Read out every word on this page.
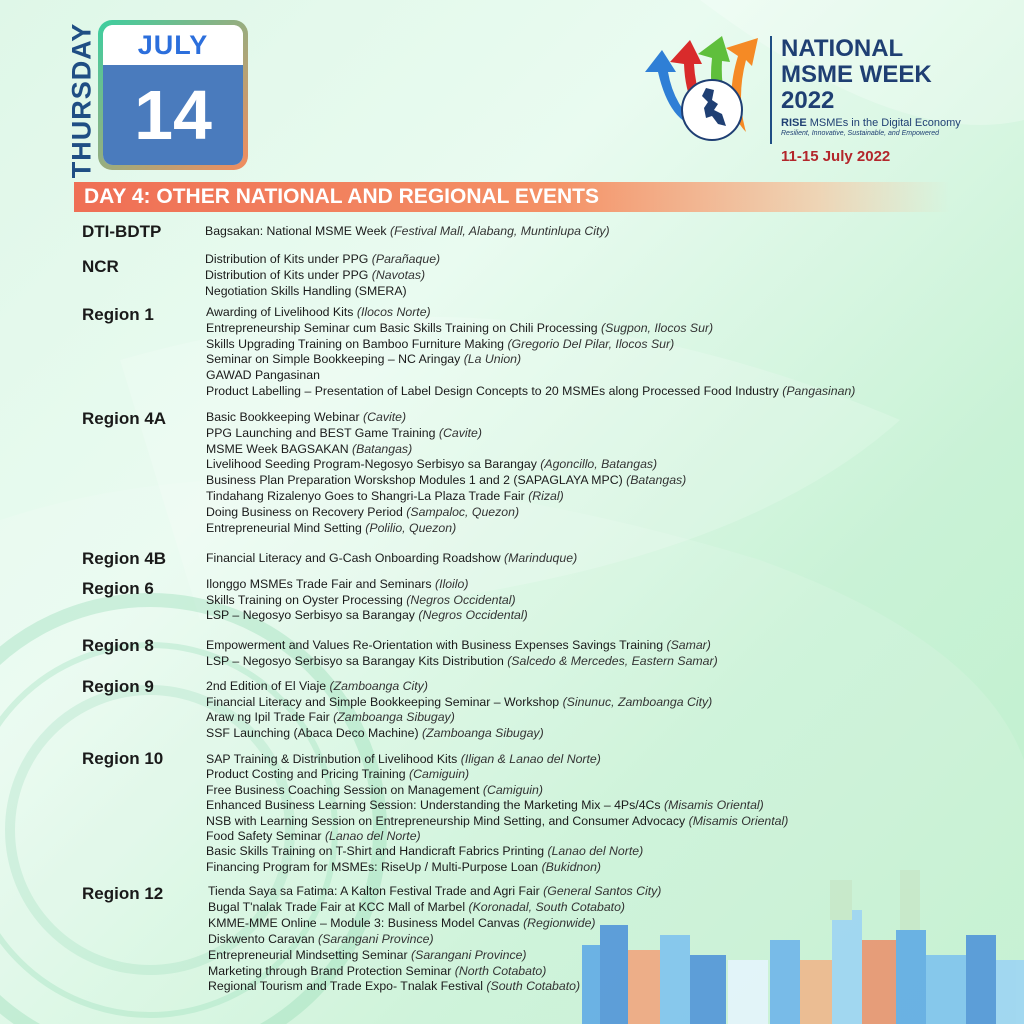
THURSDAY	JULY
14
NATIONAL
MSME WEEK
2022
RISE MSMEs in the Digital Economy
Resilient, Innovative, Sustainable, and Empowered
11-15 July 2022
DAY 4: OTHER NATIONAL AND REGIONAL EVENTS
DTI-BDTP	Bagsakan: National MSME Week (Festival Mall, Alabang, Muntinlupa City)
NCR	Distribution of Kits under PPG (Parañaque)
Distribution of Kits under PPG (Navotas)
Negotiation Skills Handling (SMERA)
Region 1	Awarding of Livelihood Kits (Ilocos Norte)
Entrepreneurship Seminar cum Basic Skills Training on Chili Processing (Sugpon, Ilocos Sur)
Skills Upgrading Training on Bamboo Furniture Making (Gregorio Del Pilar, Ilocos Sur)
Seminar on Simple Bookkeeping – NC Aringay (La Union)
GAWAD Pangasinan
Product Labelling – Presentation of Label Design Concepts to 20 MSMEs along Processed Food Industry (Pangasinan)
Region 4A	Basic Bookkeeping Webinar (Cavite)
PPG Launching and BEST Game Training (Cavite)
MSME Week BAGSAKAN (Batangas)
Livelihood Seeding Program-Negosyo Serbisyo sa Barangay (Agoncillo, Batangas)
Business Plan Preparation Worskshop Modules 1 and 2 (SAPAGLAYA MPC) (Batangas)
Tindahang Rizalenyo Goes to Shangri-La Plaza Trade Fair (Rizal)
Doing Business on Recovery Period (Sampaloc, Quezon)
Entrepreneurial Mind Setting (Polilio, Quezon)
Region 4B	Financial Literacy and G-Cash Onboarding Roadshow (Marinduque)
Region 6	Ilonggo MSMEs Trade Fair and Seminars (Iloilo)
Skills Training on Oyster Processing (Negros Occidental)
LSP – Negosyo Serbisyo sa Barangay (Negros Occidental)
Region 8	Empowerment and Values Re-Orientation with Business Expenses Savings Training (Samar)
LSP – Negosyo Serbisyo sa Barangay Kits Distribution (Salcedo & Mercedes, Eastern Samar)
Region 9	2nd Edition of El Viaje (Zamboanga City)
Financial Literacy and Simple Bookkeeping Seminar – Workshop (Sinunuc, Zamboanga City)
Araw ng Ipil Trade Fair (Zamboanga Sibugay)
SSF Launching (Abaca Deco Machine) (Zamboanga Sibugay)
Region 10	SAP Training & Distrinbution of Livelihood Kits (Iligan & Lanao del Norte)
Product Costing and Pricing Training (Camiguin)
Free Business Coaching Session on Management (Camiguin)
Enhanced Business Learning Session: Understanding the Marketing Mix – 4Ps/4Cs (Misamis Oriental)
NSB with Learning Session on Entrepreneurship Mind Setting, and Consumer Advocacy (Misamis Oriental)
Food Safety Seminar (Lanao del Norte)
Basic Skills Training on T-Shirt and Handicraft Fabrics Printing (Lanao del Norte)
Financing Program for MSMEs: RiseUp / Multi-Purpose Loan (Bukidnon)
Region 12	Tienda Saya sa Fatima: A Kalton Festival Trade and Agri Fair (General Santos City)
Bugal T'nalak Trade Fair at KCC Mall of Marbel (Koronadal, South Cotabato)
KMME-MME Online – Module 3: Business Model Canvas (Regionwide)
Diskwento Caravan (Sarangani Province)
Entrepreneurial Mindsetting Seminar (Sarangani Province)
Marketing through Brand Protection Seminar (North Cotabato)
Regional Tourism and Trade Expo- Tnalak Festival (South Cotabato)
